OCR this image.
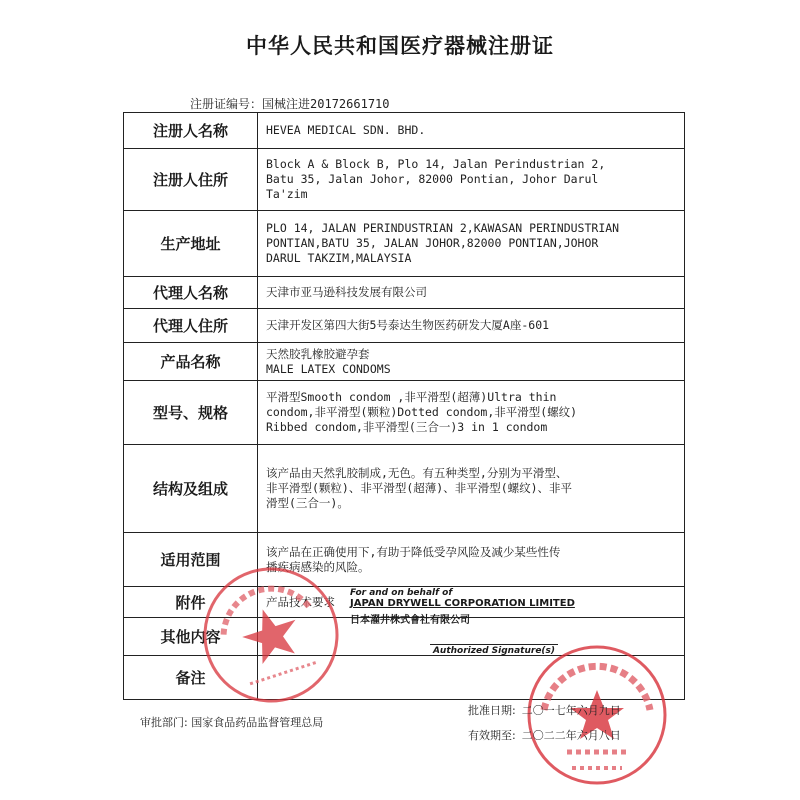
中华人民共和国医疗器械注册证
注册证编号：国械注进20172661710
注册人名称	HEVEA MEDICAL SDN. BHD.

注册人住所	Block A & Block B, Plo 14, Jalan Perindustrian 2,
Batu 35, Jalan Johor, 82000 Pontian, Johor Darul
Ta'zim

生产地址	PLO 14, JALAN PERINDUSTRIAN 2,KAWASAN PERINDUSTRIAN
PONTIAN,BATU 35, JALAN JOHOR,82000 PONTIAN,JOHOR
DARUL TAKZIM,MALAYSIA

代理人名称	天津市亚马逊科技发展有限公司

代理人住所	天津开发区第四大街5号泰达生物医药研发大厦A座-601

产品名称	天然胶乳橡胶避孕套
MALE LATEX CONDOMS

型号、规格	平滑型Smooth condom ,非平滑型(超薄)Ultra thin
condom,非平滑型(颗粒)Dotted condom,非平滑型(螺纹)
Ribbed condom,非平滑型(三合一)3 in 1 condom

结构及组成	该产品由天然乳胶制成,无色。有五种类型,分别为平滑型、
非平滑型(颗粒)、非平滑型(超薄)、非平滑型(螺纹)、非平
滑型(三合一)。

适用范围	该产品在正确使用下,有助于降低受孕风险及减少某些性传
播疾病感染的风险。

附件	产品技术要求

其他内容	

备注	
For and on behalf of
JAPAN DRYWELL CORPORATION LIMITED
日本濯井株式會社有限公司
Authorized Signature(s)
审批部门: 国家食品药品监督管理总局
批准日期: 二〇一七年六月九日
有效期至: 二〇二二年六月八日
